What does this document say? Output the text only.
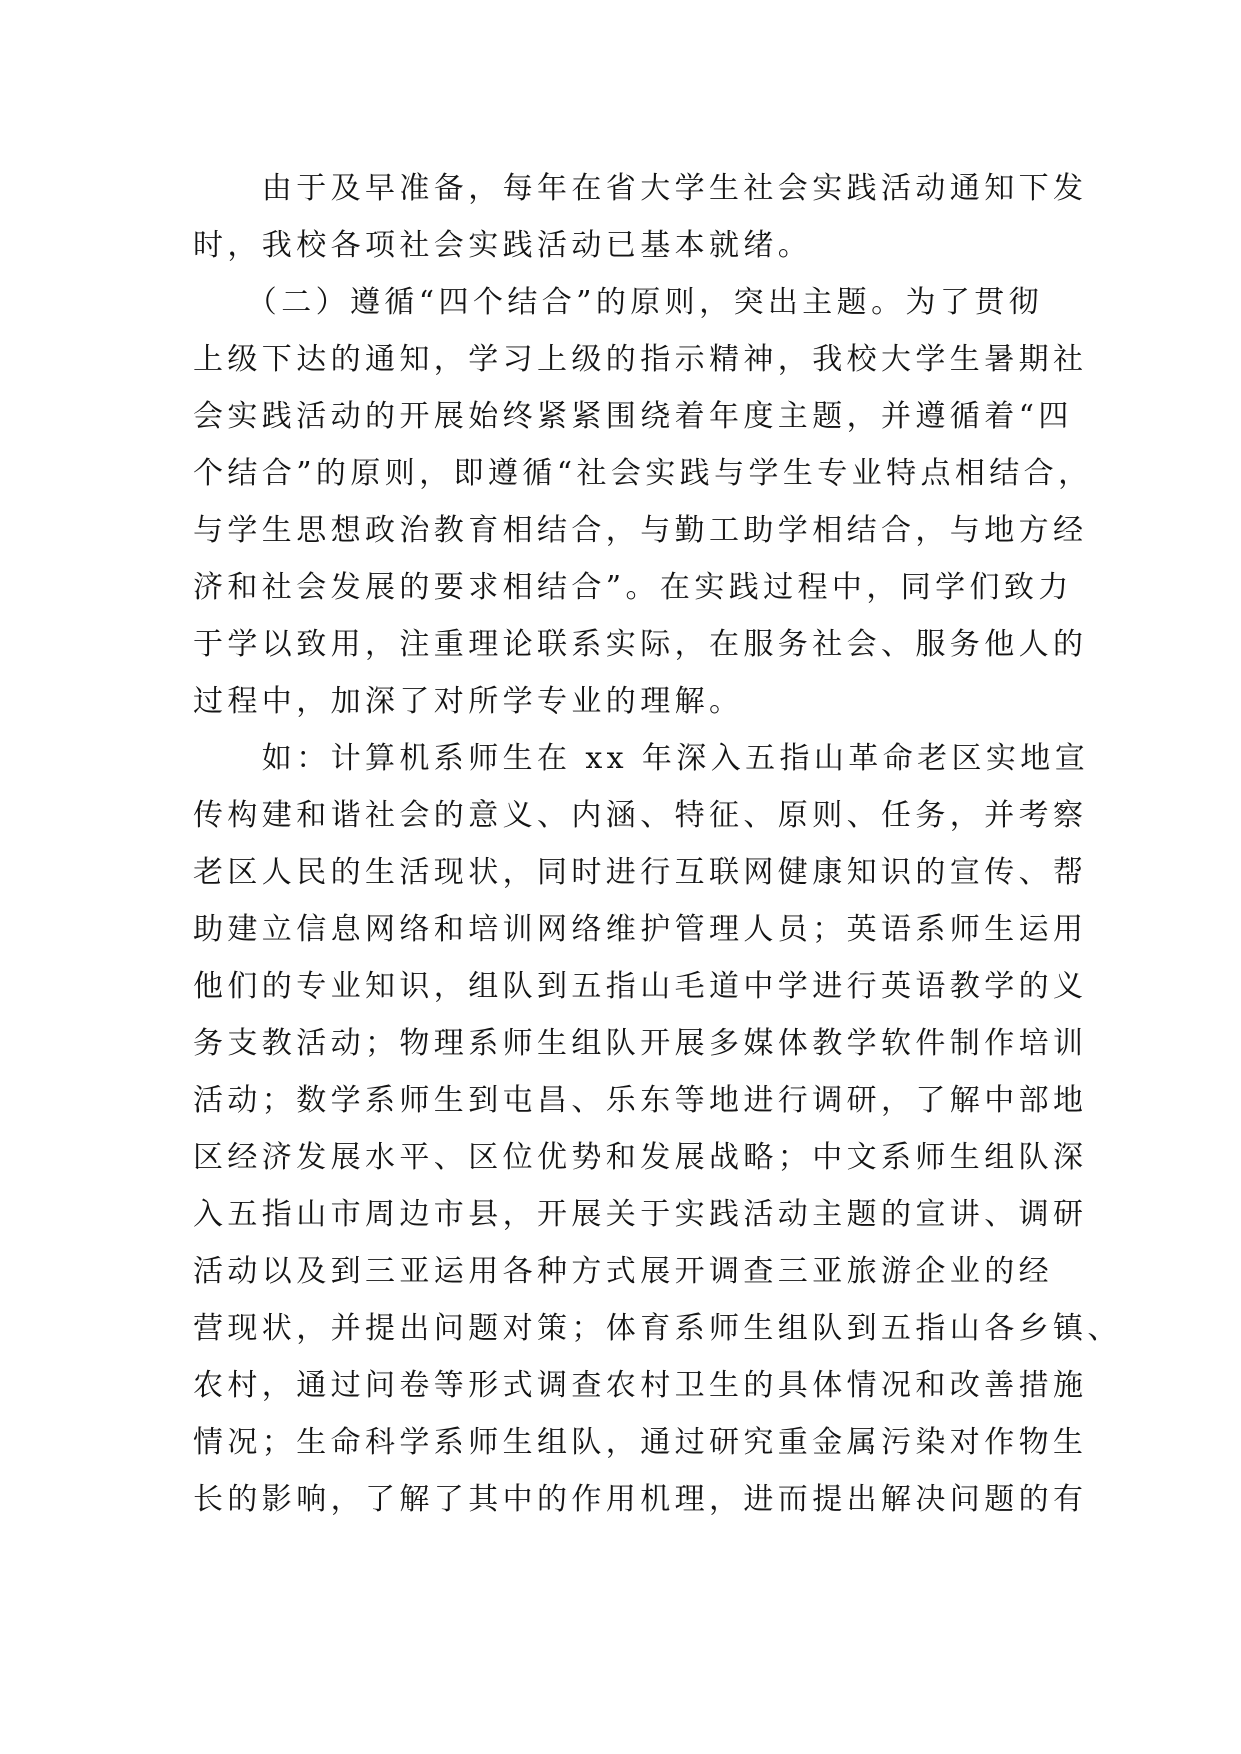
　　由于及早准备，每年在省大学生社会实践活动通知下发
时，我校各项社会实践活动已基本就绪。
　　（二）遵循“四个结合”的原则，突出主题。为了贯彻
上级下达的通知，学习上级的指示精神，我校大学生暑期社
会实践活动的开展始终紧紧围绕着年度主题，并遵循着“四
个结合”的原则，即遵循“社会实践与学生专业特点相结合，
与学生思想政治教育相结合，与勤工助学相结合，与地方经
济和社会发展的要求相结合”。在实践过程中，同学们致力
于学以致用，注重理论联系实际，在服务社会、服务他人的
过程中，加深了对所学专业的理解。
　　如：计算机系师生在 xx 年深入五指山革命老区实地宣
传构建和谐社会的意义、内涵、特征、原则、任务，并考察
老区人民的生活现状，同时进行互联网健康知识的宣传、帮
助建立信息网络和培训网络维护管理人员；英语系师生运用
他们的专业知识，组队到五指山毛道中学进行英语教学的义
务支教活动；物理系师生组队开展多媒体教学软件制作培训
活动；数学系师生到屯昌、乐东等地进行调研，了解中部地
区经济发展水平、区位优势和发展战略；中文系师生组队深
入五指山市周边市县，开展关于实践活动主题的宣讲、调研
活动以及到三亚运用各种方式展开调查三亚旅游企业的经
营现状，并提出问题对策；体育系师生组队到五指山各乡镇、
农村，通过问卷等形式调查农村卫生的具体情况和改善措施
情况；生命科学系师生组队，通过研究重金属污染对作物生
长的影响，了解了其中的作用机理，进而提出解决问题的有
